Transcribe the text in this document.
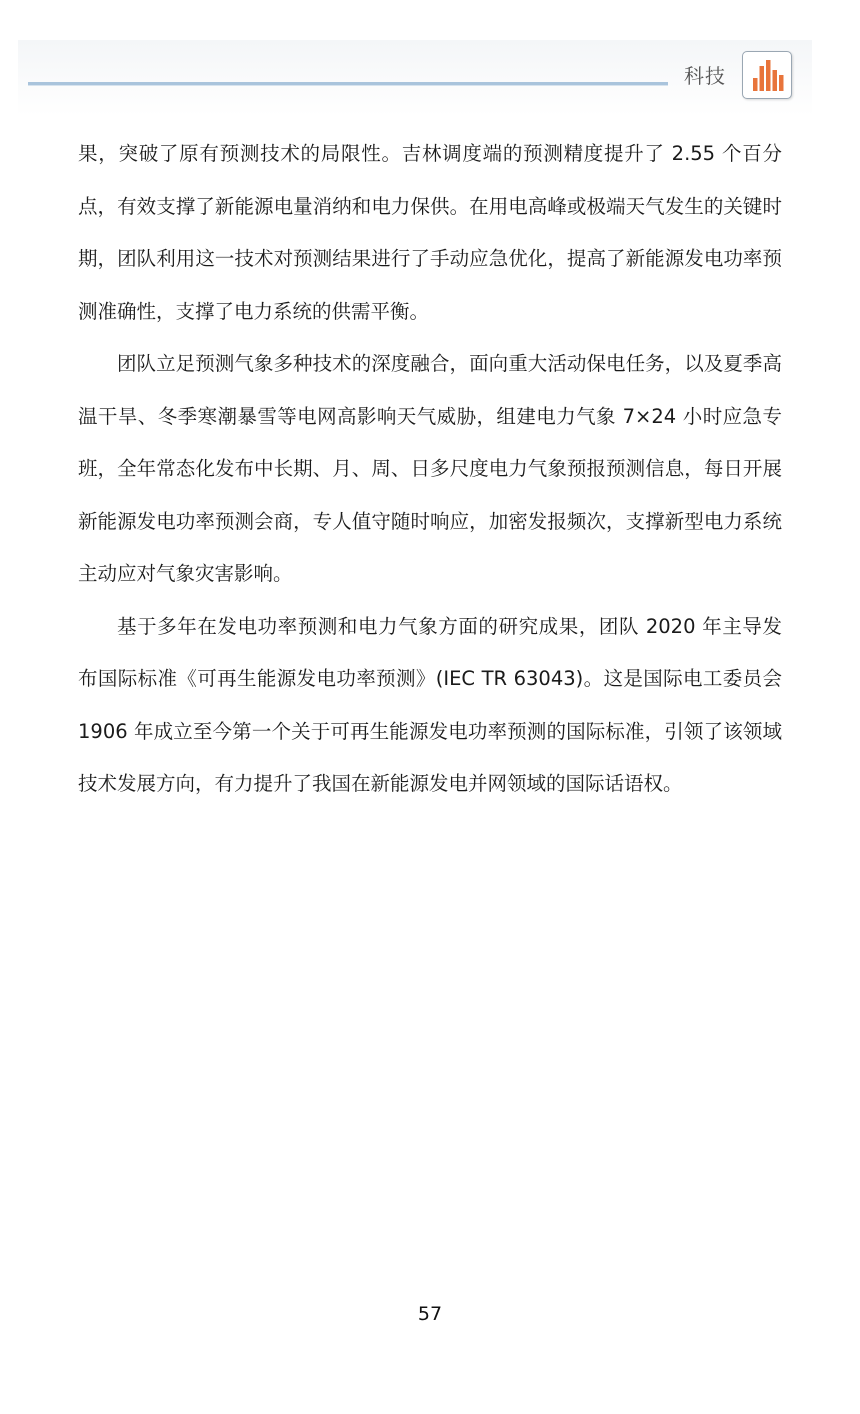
科技

果，突破了原有预测技术的局限性。吉林调度端的预测精度提升了 2.55 个百分点，有效支撑了新能源电量消纳和电力保供。在用电高峰或极端天气发生的关键时期，团队利用这一技术对预测结果进行了手动应急优化，提高了新能源发电功率预测准确性，支撑了电力系统的供需平衡。

团队立足预测气象多种技术的深度融合，面向重大活动保电任务，以及夏季高温干旱、冬季寒潮暴雪等电网高影响天气威胁，组建电力气象 7×24 小时应急专班，全年常态化发布中长期、月、周、日多尺度电力气象预报预测信息，每日开展新能源发电功率预测会商，专人值守随时响应，加密发报频次，支撑新型电力系统主动应对气象灾害影响。

基于多年在发电功率预测和电力气象方面的研究成果，团队 2020 年主导发布国际标准《可再生能源发电功率预测》(IEC TR 63043)。这是国际电工委员会 1906 年成立至今第一个关于可再生能源发电功率预测的国际标准，引领了该领域技术发展方向，有力提升了我国在新能源发电并网领域的国际话语权。

57
